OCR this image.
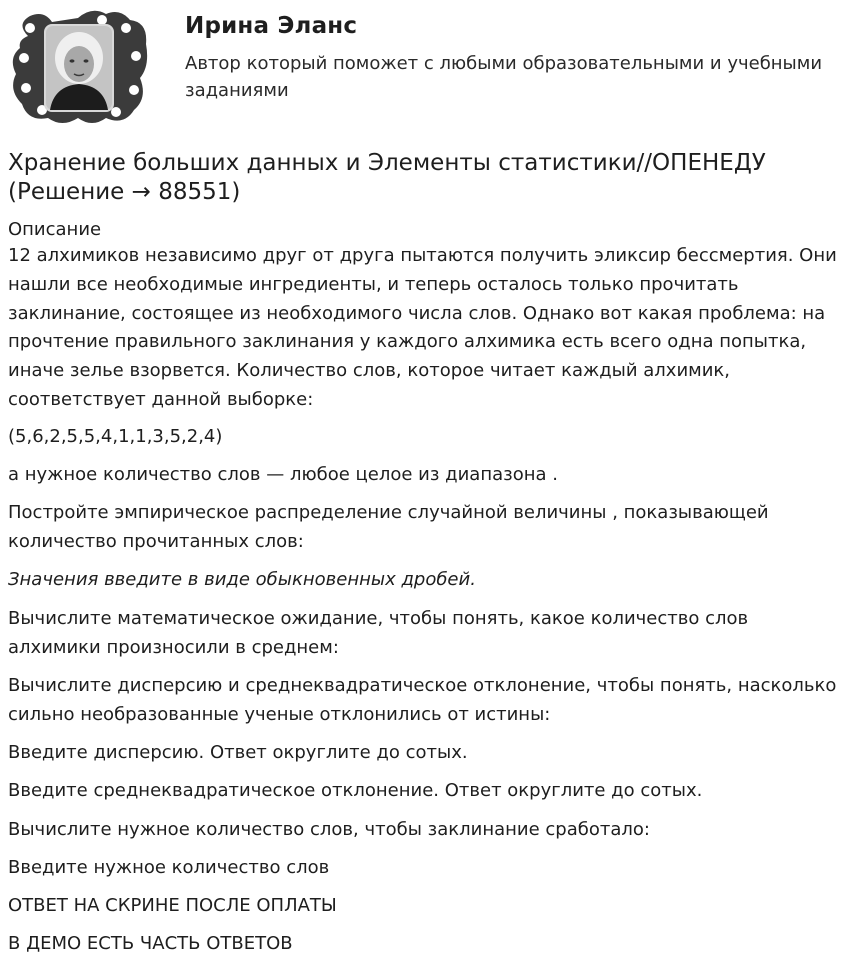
Ирина Эланс
Автор который поможет с любыми образовательными и учебными заданиями
Хранение больших данных и Элементы статистики//ОПЕНЕДУ (Решение → 88551)
Описание
12 алхимиков независимо друг от друга пытаются получить эликсир бессмертия. Они нашли все необходимые ингредиенты, и теперь осталось только прочитать заклинание, состоящее из необходимого числа слов. Однако вот какая проблема: на прочтение правильного заклинания у каждого алхимика есть всего одна попытка, иначе зелье взорвется. Количество слов, которое читает каждый алхимик, соответствует данной выборке:
(5,6,2,5,5,4,1,1,3,5,2,4)
а нужное количество слов — любое целое из диапазона .
Постройте эмпирическое распределение случайной величины , показывающей количество прочитанных слов:
Значения введите в виде обыкновенных дробей.
Вычислите математическое ожидание, чтобы понять, какое количество слов алхимики произносили в среднем:
Вычислите дисперсию и среднеквадратическое отклонение, чтобы понять, насколько сильно необразованные ученые отклонились от истины:
Введите дисперсию. Ответ округлите до сотых.
Введите среднеквадратическое отклонение. Ответ округлите до сотых.
Вычислите нужное количество слов, чтобы заклинание сработало:
Введите нужное количество слов
ОТВЕТ НА СКРИНЕ ПОСЛЕ ОПЛАТЫ
В ДЕМО ЕСТЬ ЧАСТЬ ОТВЕТОВ
